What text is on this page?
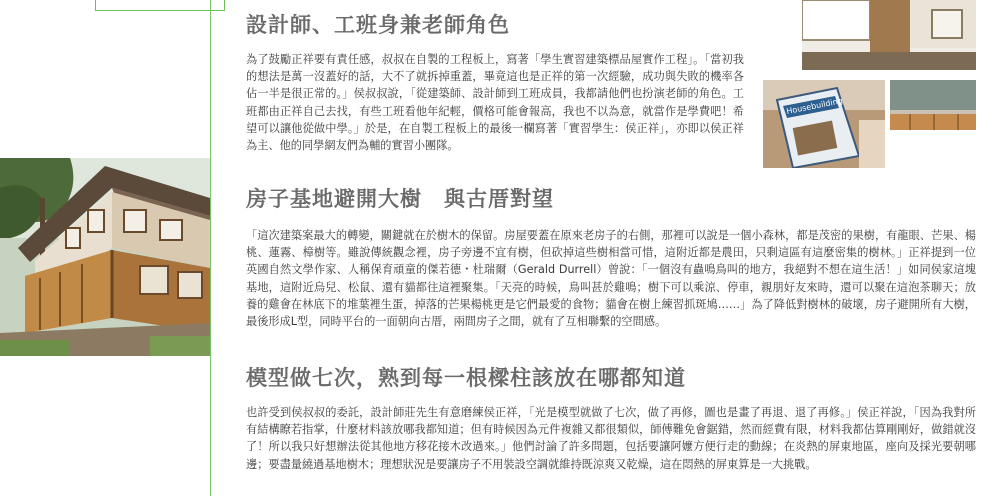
Housebuilding
設計師、工班身兼老師角色

為了鼓勵正祥要有責任感，叔叔在自製的工程板上，寫著「學生實習建築標品屋實作工程」。「當初我的想法是萬一沒蓋好的話，大不了就拆掉重蓋，畢竟這也是正祥的第一次經驗，成功與失敗的機率各佔一半是很正常的。」侯叔叔說，「從建築師、設計師到工班成員，我都請他們也扮演老師的角色。工班都由正祥自己去找，有些工班看他年紀輕，價格可能會報高，我也不以為意，就當作是學費吧！希望可以讓他從做中學。」於是，在自製工程板上的最後一欄寫著「實習學生：侯正祥」，亦即以侯正祥為主、他的同學網友們為輔的實習小團隊。

房子基地避開大樹　與古厝對望

「這次建築案最大的轉變，關鍵就在於樹木的保留。房屋要蓋在原來老房子的右側，那裡可以說是一個小森林，都是茂密的果樹，有龍眼、芒果、楊桃、蓮霧、樟樹等。雖說傳統觀念裡，房子旁邊不宜有樹，但砍掉這些樹相當可惜，這附近都是農田，只剩這區有這麼密集的樹林。」正祥提到一位英國自然文學作家、人稱保育頑童的傑若德・杜瑞爾（Gerald Durrell）曾說：「一個沒有蟲鳴鳥叫的地方，我絕對不想在這生活！」如同侯家這塊基地，這附近烏兒、松鼠、還有貓都往這裡聚集。「天亮的時候，鳥叫甚於雞鳴；樹下可以乘涼、停車，親朋好友來時，還可以聚在這泡茶聊天；放養的雞會在林底下的堆葉裡生蛋，掉落的芒果楊桃更是它們最愛的食物；貓會在樹上練習抓斑鳩……」為了降低對樹林的破壞，房子避開所有大樹，最後形成L型，同時平台的一面朝向古厝，兩間房子之間，就有了互相聯繫的空間感。

模型做七次，熟到每一根樑柱該放在哪都知道

也許受到侯叔叔的委託，設計師莊先生有意磨練侯正祥，「光是模型就做了七次，做了再修，圖也是畫了再退、退了再修。」侯正祥說，「因為我對所有結構瞭若指掌，什麼材料該放哪我都知道；但有時候因為元件複雜又都很類似，師傅難免會鋸錯，然而經費有限，材料我都估算剛剛好，做錯就沒了！所以我只好想辦法從其他地方移花接木改過來。」他們討論了許多問題，包括要讓阿嬤方便行走的動線；在炎熱的屏東地區，座向及採光要朝哪邊；要盡量繞過基地樹木；理想狀況是要讓房子不用裝設空調就維持既涼爽又乾燥，這在悶熱的屏東算是一大挑戰。
